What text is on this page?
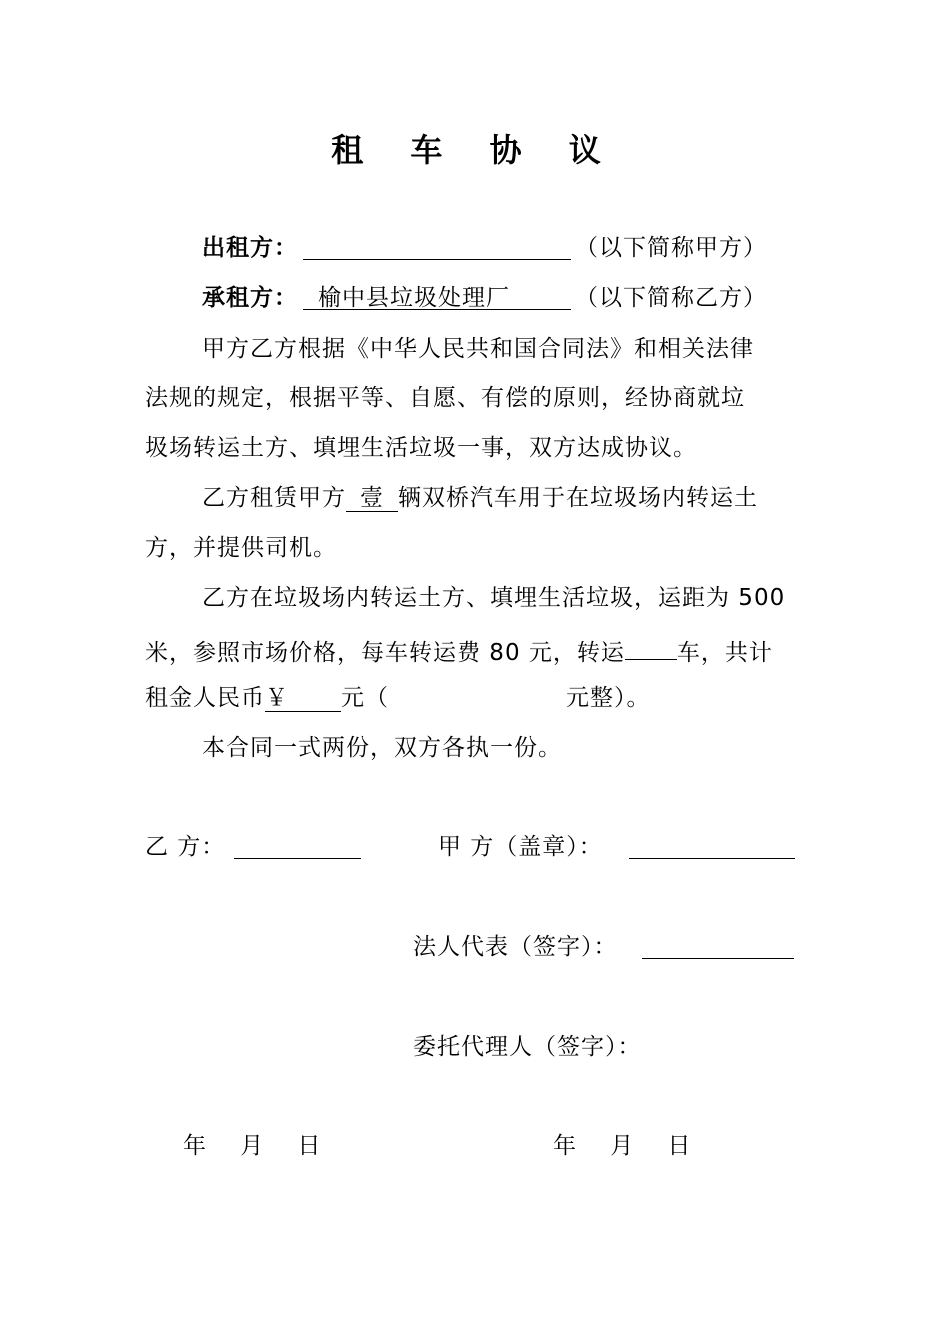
租 车 协 议
出租方：	（以下简称甲方）
承租方： 榆中县垃圾处理厂	（以下简称乙方）
甲方乙方根据《中华人民共和国合同法》和相关法律
法规的规定，根据平等、自愿、有偿的原则，经协商就垃
圾场转运土方、填埋生活垃圾一事，双方达成协议。
乙方租赁甲方 壹 辆双桥汽车用于在垃圾场内转运土
方，并提供司机。
乙方在垃圾场内转运土方、填埋生活垃圾，运距为 500
米，参照市场价格，每车转运费 80 元，转运 车，共计
租金人民币￥ 元（	元整）。
本合同一式两份，双方各执一份。
乙 方：	甲 方（盖章）：
法人代表（签字）：
委托代理人（签字）：
年    月    日	年    月    日
